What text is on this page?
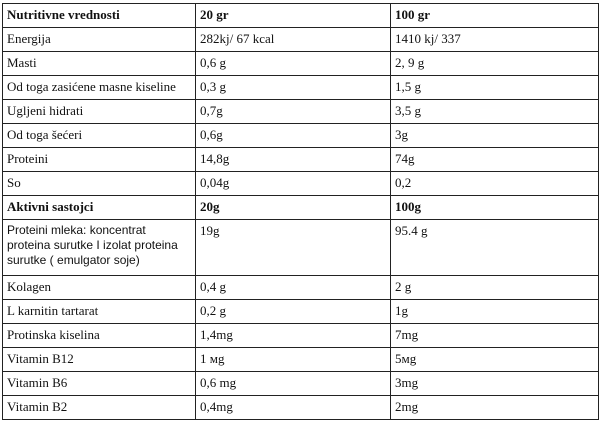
Nutritivne vrednosti	20 gr	100 gr
Energija	282kj/ 67 kcal	1410 kj/ 337
Masti	0,6 g	2, 9 g
Od toga zasićene masne kiseline	0,3 g	1,5 g
Ugljeni hidrati	0,7g	3,5 g
Od toga šećeri	0,6g	3g
Proteini	14,8g	74g
So	0,04g	0,2
Aktivni sastojci	20g	100g
Proteini mleka: koncentrat proteina surutke I izolat proteina surutke ( emulgator soje)	19g	95.4 g
Kolagen	0,4 g	2 g
L karnitin tartarat	0,2 g	1g
Protinska kiselina	1,4mg	7mg
Vitamin B12	1 мg	5мg
Vitamin B6	0,6 mg	3mg
Vitamin B2	0,4mg	2mg
